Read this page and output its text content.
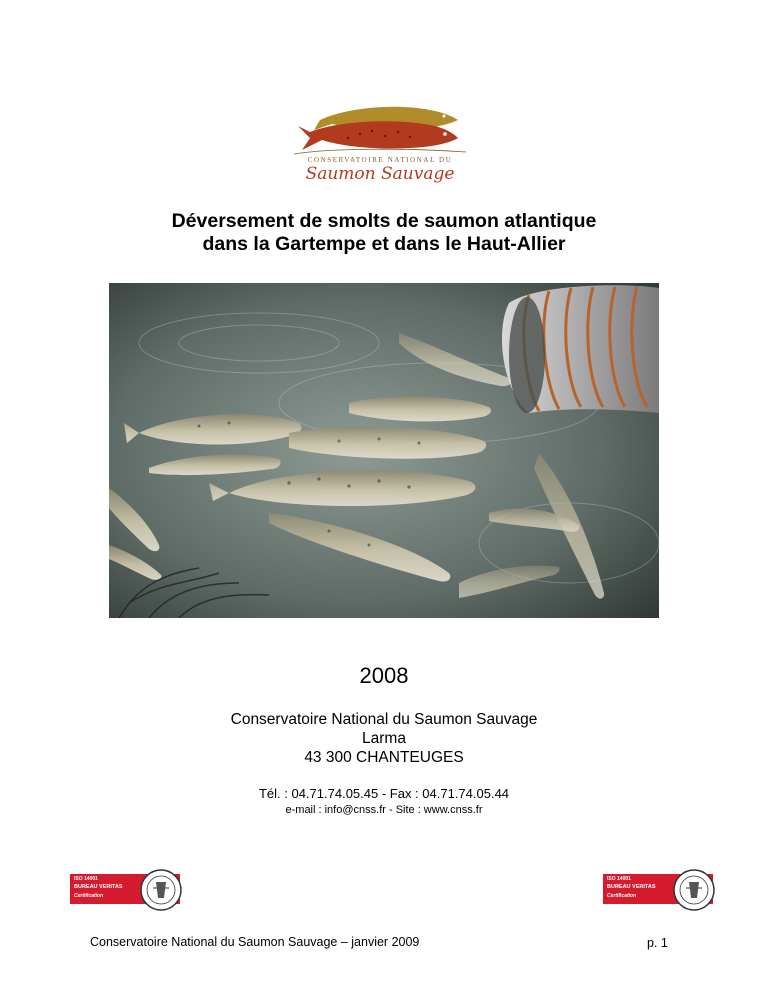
CONSERVATOIRE NATIONAL DU
Saumon Sauvage
Déversement de smolts de saumon atlantique
dans la Gartempe et dans le Haut-Allier
2008
Conservatoire National du Saumon Sauvage
Larma
43 300 CHANTEUGES
Tél. : 04.71.74.05.45 - Fax : 04.71.74.05.44
e-mail : info@cnss.fr - Site : www.cnss.fr
ISO 14001
BUREAU VERITAS
Certification
ISO 14001
BUREAU VERITAS
Certification
Conservatoire National du Saumon Sauvage – janvier 2009	p. 1
